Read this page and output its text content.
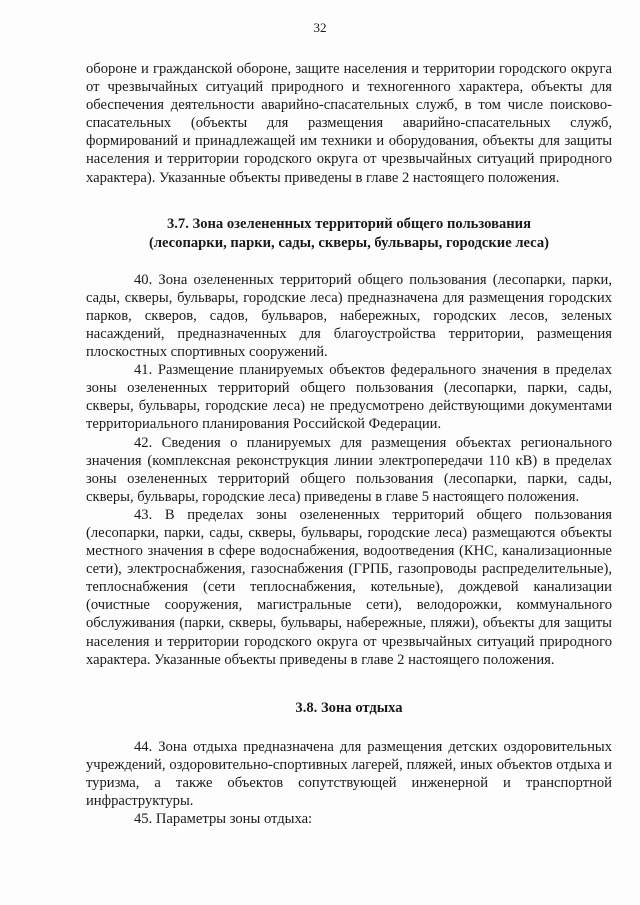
32

обороне и гражданской обороне, защите населения и территории городского округа от чрезвычайных ситуаций природного и техногенного характера, объекты для обеспечения деятельности аварийно-спасательных служб, в том числе поисково-спасательных (объекты для размещения аварийно-спасательных служб, формирований и принадлежащей им техники и оборудования, объекты для защиты населения и территории городского округа от чрезвычайных ситуаций природного характера). Указанные объекты приведены в главе 2 настоящего положения.

3.7. Зона озелененных территорий общего пользования
(лесопарки, парки, сады, скверы, бульвары, городские леса)

40. Зона озелененных территорий общего пользования (лесопарки, парки, сады, скверы, бульвары, городские леса) предназначена для размещения городских парков, скверов, садов, бульваров, набережных, городских лесов, зеленых насаждений, предназначенных для благоустройства территории, размещения плоскостных спортивных сооружений.

41. Размещение планируемых объектов федерального значения в пределах зоны озелененных территорий общего пользования (лесопарки, парки, сады, скверы, бульвары, городские леса) не предусмотрено действующими документами территориального планирования Российской Федерации.

42. Сведения о планируемых для размещения объектах регионального значения (комплексная реконструкция линии электропередачи 110 кВ) в пределах зоны озелененных территорий общего пользования (лесопарки, парки, сады, скверы, бульвары, городские леса) приведены в главе 5 настоящего положения.

43. В пределах зоны озелененных территорий общего пользования (лесопарки, парки, сады, скверы, бульвары, городские леса) размещаются объекты местного значения в сфере водоснабжения, водоотведения (КНС, канализационные сети), электроснабжения, газоснабжения (ГРПБ, газопроводы распределительные), теплоснабжения (сети теплоснабжения, котельные), дождевой канализации (очистные сооружения, магистральные сети), велодорожки, коммунального обслуживания (парки, скверы, бульвары, набережные, пляжи), объекты для защиты населения и территории городского округа от чрезвычайных ситуаций природного характера. Указанные объекты приведены в главе 2 настоящего положения.

3.8. Зона отдыха

44. Зона отдыха предназначена для размещения детских оздоровительных учреждений, оздоровительно-спортивных лагерей, пляжей, иных объектов отдыха и туризма, а также объектов сопутствующей инженерной и транспортной инфраструктуры.

45. Параметры зоны отдыха:
